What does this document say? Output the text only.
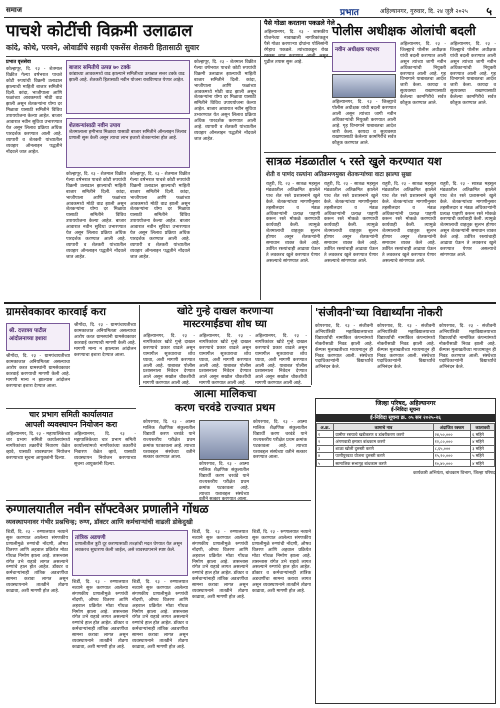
समाज	प्रभात	अहिल्यानगर, गुरुवार, दि. २४ जुलै २०२५ ५
पाचशे कोटींची विक्रमी उलाढाल
कांदे, कोथे, परवने, ओवाडींचे सहावी एकसेंस शेतकरी हितासाठी सुवार
प्रभात वृत्तसेवा
कोल्हापूर, दि. २३ - शेतमाल विक्रीत गेल्या वर्षभरात पाचशे कोटी रुपयांची विक्रमी उलाढाल झाल्याची माहिती बाजार समितीने दिली. कांदा, भाजीपाला आणि फळांच्या आवकमध्ये मोठी वाढ झाली असून शेतकऱ्यांना योग्य दर मिळावा यासाठी समितीने विविध उपाययोजना केल्या आहेत. बाजार आवारात नवीन सुविधा उभारण्यात येत असून लिलाव प्रक्रिया अधिक पारदर्शक करण्यात आली आहे. व्यापारी व शेतकरी यांच्यातील व्यवहार ऑनलाइन पद्धतीने नोंदवले जात आहेत.
बाजार समितीचे उत्पन्न ७० टक्के
कांद्याच्या आवकमध्ये वाढ झाल्याने समितीच्या उत्पन्नात सत्तर टक्के वाढ झाली आहे. शेतकरी हितासाठी नवीन योजना राबविण्यात येणार आहेत.
शेतकऱ्यांसाठी नवीन उपाय
शेतमालाला हमीभाव मिळावा यासाठी बाजार समितीने ऑनलाइन लिलाव प्रणाली सुरू केली असून त्याचा लाभ हजारो शेतकऱ्यांना होत आहे.
कोल्हापूर, दि. २३ - शेतमाल विक्रीत गेल्या वर्षभरात पाचशे कोटी रुपयांची विक्रमी उलाढाल झाल्याची माहिती बाजार समितीने दिली. कांदा, भाजीपाला आणि फळांच्या आवकमध्ये मोठी वाढ झाली असून शेतकऱ्यांना योग्य दर मिळावा यासाठी समितीने विविध उपाययोजना केल्या आहेत. बाजार आवारात नवीन सुविधा उभारण्यात येत असून लिलाव प्रक्रिया अधिक पारदर्शक करण्यात आली आहे. व्यापारी व शेतकरी यांच्यातील व्यवहार ऑनलाइन पद्धतीने नोंदवले जात आहेत.
कोल्हापूर, दि. २३ - शेतमाल विक्रीत गेल्या वर्षभरात पाचशे कोटी रुपयांची विक्रमी उलाढाल झाल्याची माहिती बाजार समितीने दिली. कांदा, भाजीपाला आणि फळांच्या आवकमध्ये मोठी वाढ झाली असून शेतकऱ्यांना योग्य दर मिळावा यासाठी समितीने विविध उपाययोजना केल्या आहेत. बाजार आवारात नवीन सुविधा उभारण्यात येत असून लिलाव प्रक्रिया अधिक पारदर्शक करण्यात आली आहे. व्यापारी व शेतकरी यांच्यातील व्यवहार ऑनलाइन पद्धतीने नोंदवले जात आहेत.
कोल्हापूर, दि. २३ - शेतमाल विक्रीत गेल्या वर्षभरात पाचशे कोटी रुपयांची विक्रमी उलाढाल झाल्याची माहिती बाजार समितीने दिली. कांदा, भाजीपाला आणि फळांच्या आवकमध्ये मोठी वाढ झाली असून शेतकऱ्यांना योग्य दर मिळावा यासाठी समितीने विविध उपाययोजना केल्या आहेत. बाजार आवारात नवीन सुविधा उभारण्यात येत असून लिलाव प्रक्रिया अधिक पारदर्शक करण्यात आली आहे. व्यापारी व शेतकरी यांच्यातील व्यवहार ऑनलाइन पद्धतीने नोंदवले जात आहेत.
पैसे गोळा करताना पकडले गेले
अहिल्यानगर, दि. २३ - शासकीय योजनेच्या नावाखाली नागरिकांकडून पैसे गोळा करणाऱ्या दोघांना पोलिसांनी रंगेहाथ पकडले. त्यांच्याकडून रोख रक्कम जप्त करण्यात आली असून पुढील तपास सुरू आहे.
पोलीस अधीक्षक ओलांची बदली
नवीन अधीक्षक पदभार
अहिल्यानगर, दि. २३ - जिल्ह्याचे पोलीस अधीक्षक यांची बदली करण्यात आली असून त्यांच्या जागी नवीन अधिकाऱ्यांची नियुक्ती करण्यात आली आहे. गृह विभागाने याबाबतचा आदेश जारी केला. कायदा व सुव्यवस्था राखण्यासाठी केलेल्या कामगिरीचे सर्वत्र कौतुक करण्यात आले.
अहिल्यानगर, दि. २३ - जिल्ह्याचे पोलीस अधीक्षक यांची बदली करण्यात आली असून त्यांच्या जागी नवीन अधिकाऱ्यांची नियुक्ती करण्यात आली आहे. गृह विभागाने याबाबतचा आदेश जारी केला. कायदा व सुव्यवस्था राखण्यासाठी केलेल्या कामगिरीचे सर्वत्र कौतुक करण्यात आले.
अहिल्यानगर, दि. २३ - जिल्ह्याचे पोलीस अधीक्षक यांची बदली करण्यात आली असून त्यांच्या जागी नवीन अधिकाऱ्यांची नियुक्ती करण्यात आली आहे. गृह विभागाने याबाबतचा आदेश जारी केला. कायदा व सुव्यवस्था राखण्यासाठी केलेल्या कामगिरीचे सर्वत्र कौतुक करण्यात आले.
सात्रळ मंडळातील ५ रस्ते खुले करण्यात यश
शेती व पाणंद रस्त्यांना अतिक्रमणमुक्त शेतकऱ्यांच्या वाटा झाल्या सुखा
राहुरी, दि. २३ - सात्रळ महसूल मंडळातील अतिक्रमित झालेले पाच शेत रस्ते प्रशासनाने खुले केले. शेतकऱ्यांच्या मागणीनुसार तहसीलदार व मंडळ अधिकाऱ्यांनी प्रत्यक्ष पाहणी करून रस्ते मोकळे करण्याची कार्यवाही केली. त्यामुळे शेतमालाची वाहतूक सुलभ होणार असून शेतकऱ्यांनी समाधान व्यक्त केले आहे. उर्वरित रस्त्यांचाही आढावा घेऊन ते लवकरच खुले करण्यात येणार असल्याचे सांगण्यात आले.
राहुरी, दि. २३ - सात्रळ महसूल मंडळातील अतिक्रमित झालेले पाच शेत रस्ते प्रशासनाने खुले केले. शेतकऱ्यांच्या मागणीनुसार तहसीलदार व मंडळ अधिकाऱ्यांनी प्रत्यक्ष पाहणी करून रस्ते मोकळे करण्याची कार्यवाही केली. त्यामुळे शेतमालाची वाहतूक सुलभ होणार असून शेतकऱ्यांनी समाधान व्यक्त केले आहे. उर्वरित रस्त्यांचाही आढावा घेऊन ते लवकरच खुले करण्यात येणार असल्याचे सांगण्यात आले.
राहुरी, दि. २३ - सात्रळ महसूल मंडळातील अतिक्रमित झालेले पाच शेत रस्ते प्रशासनाने खुले केले. शेतकऱ्यांच्या मागणीनुसार तहसीलदार व मंडळ अधिकाऱ्यांनी प्रत्यक्ष पाहणी करून रस्ते मोकळे करण्याची कार्यवाही केली. त्यामुळे शेतमालाची वाहतूक सुलभ होणार असून शेतकऱ्यांनी समाधान व्यक्त केले आहे. उर्वरित रस्त्यांचाही आढावा घेऊन ते लवकरच खुले करण्यात येणार असल्याचे सांगण्यात आले.
राहुरी, दि. २३ - सात्रळ महसूल मंडळातील अतिक्रमित झालेले पाच शेत रस्ते प्रशासनाने खुले केले. शेतकऱ्यांच्या मागणीनुसार तहसीलदार व मंडळ अधिकाऱ्यांनी प्रत्यक्ष पाहणी करून रस्ते मोकळे करण्याची कार्यवाही केली. त्यामुळे शेतमालाची वाहतूक सुलभ होणार असून शेतकऱ्यांनी समाधान व्यक्त केले आहे. उर्वरित रस्त्यांचाही आढावा घेऊन ते लवकरच खुले करण्यात येणार असल्याचे सांगण्यात आले.
ग्रामसेवकावर कारवाई करा
श्री. दत्तात्रय पाटील आंदोलनाच्या इशारा
श्रीगोंदा, दि. २३ - ग्रामपंचायतीच्या कामकाजात अनियमितता असल्याचा आरोप करत ग्रामस्थांनी ग्रामसेवकावर कारवाई करण्याची मागणी केली आहे. मागणी मान्य न झाल्यास आंदोलन करण्याचा इशारा देण्यात आला.
श्रीगोंदा, दि. २३ - ग्रामपंचायतीच्या कामकाजात अनियमितता असल्याचा आरोप करत ग्रामस्थांनी ग्रामसेवकावर कारवाई करण्याची मागणी केली आहे. मागणी मान्य न झाल्यास आंदोलन करण्याचा इशारा देण्यात आला.
खोटे गुन्हे दाखल करणाऱ्या
मास्टरमाईंडचा शोध घ्या
अहिल्यानगर, दि. २३ - नागरिकांवर खोटे गुन्हे दाखल करण्याचे प्रकार वाढले असून यामागील सूत्रधाराचा शोध घ्यावा, अशी मागणी करण्यात आली आहे. याबाबत पोलीस प्रशासनाला निवेदन देण्यात आले असून सखोल चौकशीची मागणी करण्यात आली आहे.
अहिल्यानगर, दि. २३ - नागरिकांवर खोटे गुन्हे दाखल करण्याचे प्रकार वाढले असून यामागील सूत्रधाराचा शोध घ्यावा, अशी मागणी करण्यात आली आहे. याबाबत पोलीस प्रशासनाला निवेदन देण्यात आले असून सखोल चौकशीची मागणी करण्यात आली आहे.
अहिल्यानगर, दि. २३ - नागरिकांवर खोटे गुन्हे दाखल करण्याचे प्रकार वाढले असून यामागील सूत्रधाराचा शोध घ्यावा, अशी मागणी करण्यात आली आहे. याबाबत पोलीस प्रशासनाला निवेदन देण्यात आले असून सखोल चौकशीची मागणी करण्यात आली आहे.
'संजीवनी'च्या विद्यार्थ्यांना नोकरी
कोपरगाव, दि. २३ - संजीवनी अभियांत्रिकी महाविद्यालयाच्या विद्यार्थ्यांची नामांकित कंपन्यांमध्ये नोकरीसाठी निवड झाली आहे. कॅम्पस मुलाखतीच्या माध्यमातून ही निवड करण्यात आली. संस्थेच्या पदाधिकाऱ्यांनी विद्यार्थ्यांचे अभिनंदन केले.
कोपरगाव, दि. २३ - संजीवनी अभियांत्रिकी महाविद्यालयाच्या विद्यार्थ्यांची नामांकित कंपन्यांमध्ये नोकरीसाठी निवड झाली आहे. कॅम्पस मुलाखतीच्या माध्यमातून ही निवड करण्यात आली. संस्थेच्या पदाधिकाऱ्यांनी विद्यार्थ्यांचे अभिनंदन केले.
कोपरगाव, दि. २३ - संजीवनी अभियांत्रिकी महाविद्यालयाच्या विद्यार्थ्यांची नामांकित कंपन्यांमध्ये नोकरीसाठी निवड झाली आहे. कॅम्पस मुलाखतीच्या माध्यमातून ही निवड करण्यात आली. संस्थेच्या पदाधिकाऱ्यांनी विद्यार्थ्यांचे अभिनंदन केले.
चार प्रभाग समिती कार्यालयात
आपली व्यवस्थापन नियोजन करा
अहिल्यानगर, दि. २३ - महापालिकेच्या चार प्रभाग समिती कार्यालयांमध्ये नागरिकांच्या तक्रारींचे निवारण वेळेत व्हावे, यासाठी व्यवस्थापन नियोजन करण्याच्या सूचना आयुक्तांनी दिल्या.
अहिल्यानगर, दि. २३ - महापालिकेच्या चार प्रभाग समिती कार्यालयांमध्ये नागरिकांच्या तक्रारींचे निवारण वेळेत व्हावे, यासाठी व्यवस्थापन नियोजन करण्याच्या सूचना आयुक्तांनी दिल्या.
आत्मा मालिकचा
करण चरवंडे राज्यात प्रथम
कोपरगाव, दि. २३ - आत्मा मालिक शैक्षणिक संकुलातील विद्यार्थी करण चरवंडे याने राज्यस्तरीय परीक्षेत प्रथम क्रमांक पटकावला आहे. त्याच्या यशाबद्दल संस्थेच्या वतीने सत्कार करण्यात आला.
कोपरगाव, दि. २३ - आत्मा मालिक शैक्षणिक संकुलातील विद्यार्थी करण चरवंडे याने राज्यस्तरीय परीक्षेत प्रथम क्रमांक पटकावला आहे. त्याच्या यशाबद्दल संस्थेच्या
कोपरगाव, दि. २३ - आत्मा मालिक शैक्षणिक संकुलातील विद्यार्थी करण चरवंडे याने राज्यस्तरीय परीक्षेत प्रथम क्रमांक पटकावला आहे. त्याच्या यशाबद्दल संस्थेच्या वतीने सत्कार करण्यात आला.
जिल्हा परिषद, अहिल्यानगर
ई-निविदा सूचना
ई-निविदा सूचना क्र. ०५ सन २०२५-२६
अ.क्र.	कामाचे नाव	अंदाजित रक्कम	कालावधी
१	ग्रामीण रस्त्याचे खडीकरण व डांबरीकरण करणे	२४,५०,०००	६ महिने
२	अंगणवाडी इमारत बांधकाम करणे	१२,८०,०००	४ महिने
३	शाळा खोली दुरुस्ती करणे	८,६५,०००	३ महिने
४	पाणीपुरवठा योजना दुरुस्ती करणे	१५,२०,०००	५ महिने
५	सामाजिक सभागृह बांधकाम करणे	१०,४०,०००	४ महिने
कार्यकारी अभियंता, बांधकाम विभाग, जिल्हा परिषद
रुग्णालयातील नवीन सॉफ्टवेअर प्रणालीने गोंधळ
व्यवस्थापनावर गंभीर प्रश्नचिन्ह; रुग्ण, डॉक्टर आणि कर्मचाऱ्यांची वाढली डोकेदुखी
शिर्डी, दि. २३ - रुग्णालयात नव्याने सुरू करण्यात आलेल्या संगणकीय प्रणालीमुळे रुग्णांची नोंदणी, औषध वितरण आणि अहवाल प्रक्रियेत मोठा गोंधळ निर्माण झाला आहे. तासन्तास रांगेत उभे राहावे लागत असल्याने रुग्णांचे हाल होत आहेत. डॉक्टर व कर्मचाऱ्यांनाही तांत्रिक अडचणींचा सामना करावा लागत असून व्यवस्थापनाने तातडीने तोडगा काढावा, अशी मागणी होत आहे.
तांत्रिक अडचणी
प्रणालीतील त्रुटी दूर करण्यासाठी तज्ज्ञांची मदत घेण्यात येत असून लवकरच सुधारणा केली जाईल, असे व्यवस्थापनाने स्पष्ट केले.
शिर्डी, दि. २३ - रुग्णालयात नव्याने सुरू करण्यात आलेल्या संगणकीय प्रणालीमुळे रुग्णांची नोंदणी, औषध वितरण आणि अहवाल प्रक्रियेत मोठा गोंधळ निर्माण झाला आहे. तासन्तास रांगेत उभे राहावे लागत असल्याने रुग्णांचे हाल होत आहेत. डॉक्टर व कर्मचाऱ्यांनाही तांत्रिक अडचणींचा सामना करावा लागत असून व्यवस्थापनाने तातडीने तोडगा काढावा, अशी मागणी होत आहे.
शिर्डी, दि. २३ - रुग्णालयात नव्याने सुरू करण्यात आलेल्या संगणकीय प्रणालीमुळे रुग्णांची नोंदणी, औषध वितरण आणि अहवाल प्रक्रियेत मोठा गोंधळ निर्माण झाला आहे. तासन्तास रांगेत उभे राहावे लागत असल्याने रुग्णांचे हाल होत आहेत. डॉक्टर व कर्मचाऱ्यांनाही तांत्रिक अडचणींचा सामना करावा लागत असून व्यवस्थापनाने तातडीने तोडगा काढावा, अशी मागणी होत आहे.
शिर्डी, दि. २३ - रुग्णालयात नव्याने सुरू करण्यात आलेल्या संगणकीय प्रणालीमुळे रुग्णांची नोंदणी, औषध वितरण आणि अहवाल प्रक्रियेत मोठा गोंधळ निर्माण झाला आहे. तासन्तास रांगेत उभे राहावे लागत असल्याने रुग्णांचे हाल होत आहेत. डॉक्टर व कर्मचाऱ्यांनाही तांत्रिक अडचणींचा सामना करावा लागत असून व्यवस्थापनाने तातडीने तोडगा काढावा, अशी मागणी होत आहे.
शिर्डी, दि. २३ - रुग्णालयात नव्याने सुरू करण्यात आलेल्या संगणकीय प्रणालीमुळे रुग्णांची नोंदणी, औषध वितरण आणि अहवाल प्रक्रियेत मोठा गोंधळ निर्माण झाला आहे. तासन्तास रांगेत उभे राहावे लागत असल्याने रुग्णांचे हाल होत आहेत. डॉक्टर व कर्मचाऱ्यांनाही तांत्रिक अडचणींचा सामना करावा लागत असून व्यवस्थापनाने तातडीने तोडगा काढावा, अशी मागणी होत आहे.
